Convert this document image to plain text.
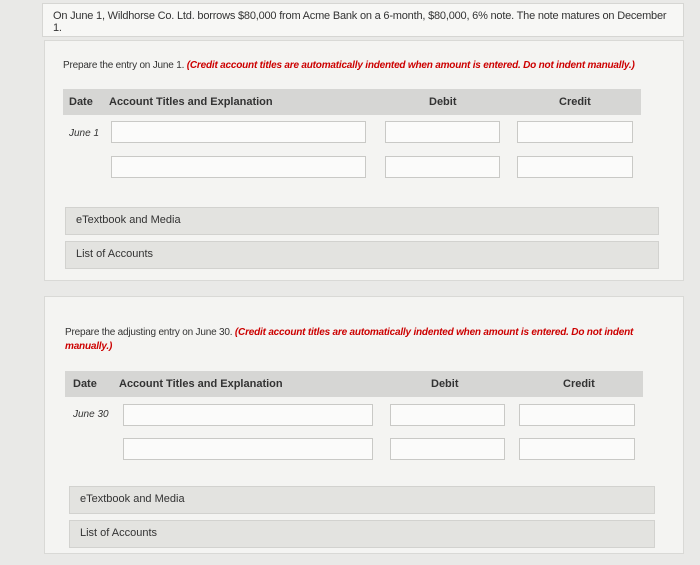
On June 1, Wildhorse Co. Ltd. borrows $80,000 from Acme Bank on a 6-month, $80,000, 6% note. The note matures on December 1.
Prepare the entry on June 1. (Credit account titles are automatically indented when amount is entered. Do not indent manually.)
Date Account Titles and Explanation	Debit	Credit
June 1
eTextbook and Media
List of Accounts
Prepare the adjusting entry on June 30. (Credit account titles are automatically indented when amount is entered. Do not indent manually.)
Date Account Titles and Explanation	Debit	Credit
June 30
eTextbook and Media
List of Accounts
